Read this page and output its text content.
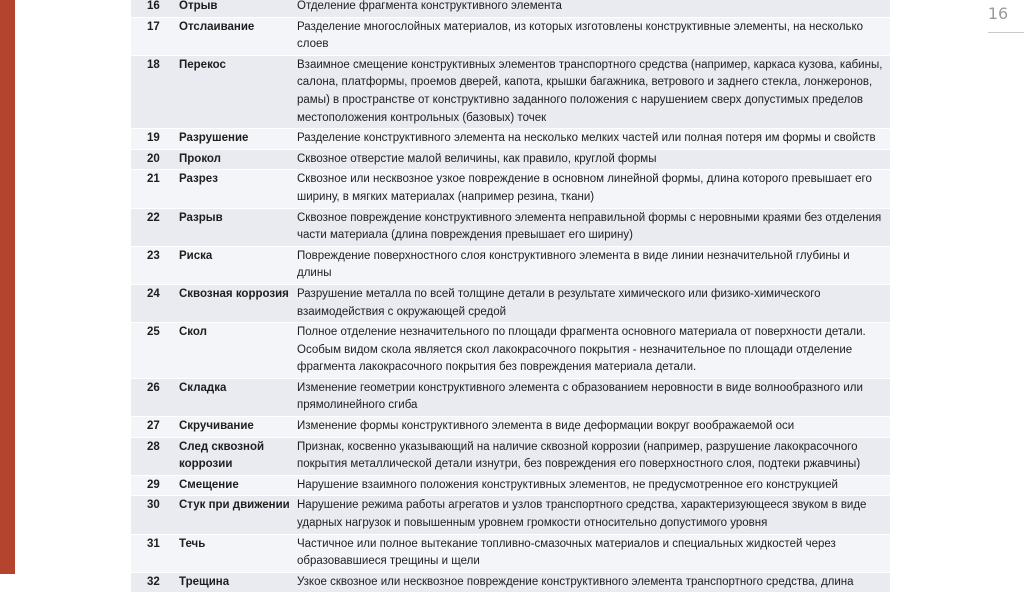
16
16	Отрыв	Отделение фрагмента конструктивного элемента
17	Отслаивание	Разделение многослойных материалов, из которых изготовлены конструктивные элементы, на несколько слоев
18	Перекос	Взаимное смещение конструктивных элементов транспортного средства (например, каркаса кузова, кабины, салона, платформы, проемов дверей, капота, крышки багажника, ветрового и заднего стекла, лонжеронов, рамы) в пространстве от конструктивно заданного положения с нарушением сверх допустимых пределов местоположения контрольных (базовых) точек
19	Разрушение	Разделение конструктивного элемента на несколько мелких частей или полная потеря им формы и свойств
20	Прокол	Сквозное отверстие малой величины, как правило, круглой формы
21	Разрез	Сквозное или несквозное узкое повреждение в основном линейной формы, длина которого превышает его ширину, в мягких материалах (например резина, ткани)
22	Разрыв	Сквозное повреждение конструктивного элемента неправильной формы с неровными краями без отделения части материала (длина повреждения превышает его ширину)
23	Риска	Повреждение поверхностного слоя конструктивного элемента в виде линии незначительной глубины и длины
24	Сквозная коррозия	Разрушение металла по всей толщине детали в результате химического или физико-химического взаимодействия с окружающей средой
25	Скол	Полное отделение незначительного по площади фрагмента основного материала от поверхности детали. Особым видом скола является скол лакокрасочного покрытия - незначительное по площади отделение фрагмента лакокрасочного покрытия без повреждения материала детали.
26	Складка	Изменение геометрии конструктивного элемента с образованием неровности в виде волнообразного или прямолинейного сгиба
27	Скручивание	Изменение формы конструктивного элемента в виде деформации вокруг воображаемой оси
28	След сквозной коррозии	Признак, косвенно указывающий на наличие сквозной коррозии (например, разрушение лакокрасочного покрытия металлической детали изнутри, без повреждения его поверхностного слоя, подтеки ржавчины)
29	Смещение	Нарушение взаимного положения конструктивных элементов, не предусмотренное его конструкцией
30	Стук при движении	Нарушение режима работы агрегатов и узлов транспортного средства, характеризующееся звуком в виде ударных нагрузок и повышенным уровнем громкости относительно допустимого уровня
31	Течь	Частичное или полное вытекание топливно-смазочных материалов и специальных жидкостей через образовавшиеся трещины и щели
32	Трещина	Узкое сквозное или несквозное повреждение конструктивного элемента транспортного средства, длина
